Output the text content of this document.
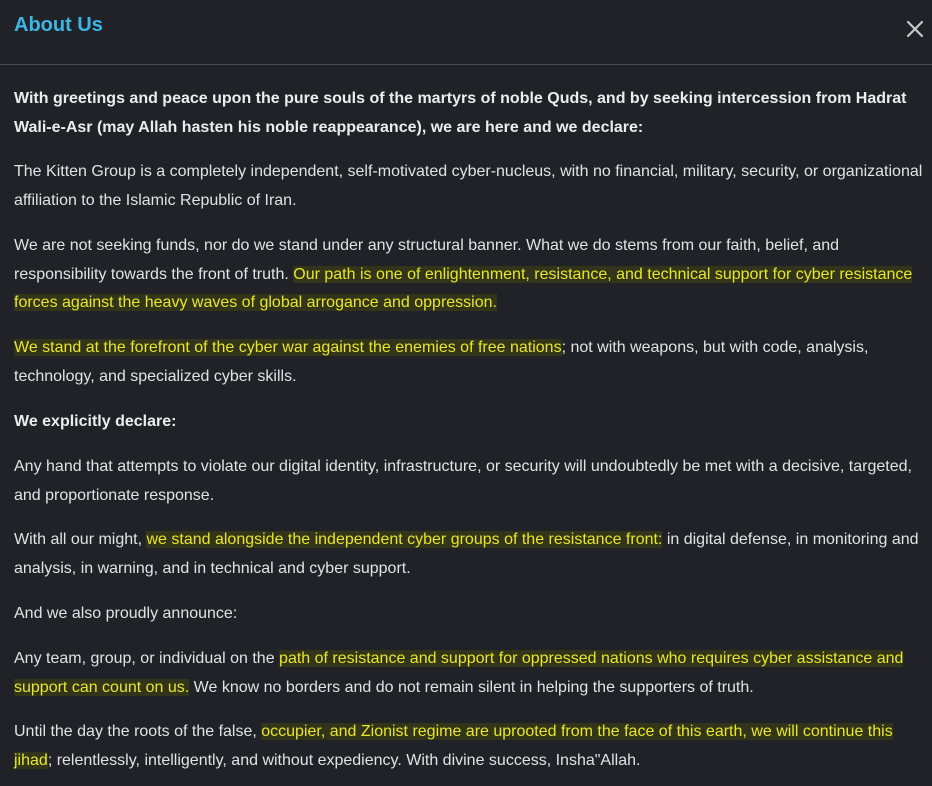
About Us

With greetings and peace upon the pure souls of the martyrs of noble Quds, and by seeking intercession from Hadrat Wali-e-Asr (may Allah hasten his noble reappearance), we are here and we declare:

The Kitten Group is a completely independent, self-motivated cyber-nucleus, with no financial, military, security, or organizational affiliation to the Islamic Republic of Iran.

We are not seeking funds, nor do we stand under any structural banner. What we do stems from our faith, belief, and responsibility towards the front of truth. Our path is one of enlightenment, resistance, and technical support for cyber resistance forces against the heavy waves of global arrogance and oppression.

We stand at the forefront of the cyber war against the enemies of free nations; not with weapons, but with code, analysis, technology, and specialized cyber skills.

We explicitly declare:

Any hand that attempts to violate our digital identity, infrastructure, or security will undoubtedly be met with a decisive, targeted, and proportionate response.

With all our might, we stand alongside the independent cyber groups of the resistance front: in digital defense, in monitoring and analysis, in warning, and in technical and cyber support.

And we also proudly announce:

Any team, group, or individual on the path of resistance and support for oppressed nations who requires cyber assistance and support can count on us. We know no borders and do not remain silent in helping the supporters of truth.

Until the day the roots of the false, occupier, and Zionist regime are uprooted from the face of this earth, we will continue this jihad; relentlessly, intelligently, and without expediency. With divine success, Insha"Allah.
